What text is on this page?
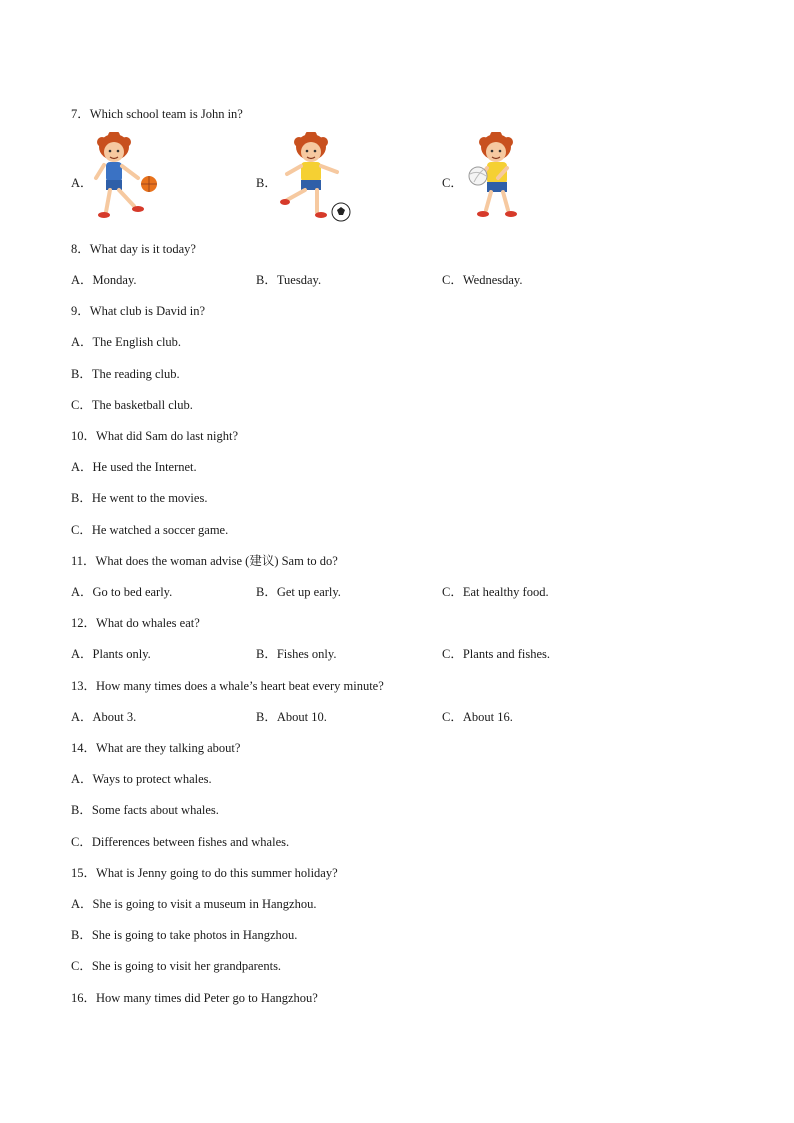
7．Which school team is John in?
A．	B．	C．
8．What day is it today?
A．Monday.	B．Tuesday.	C．Wednesday.
9．What club is David in?
A．The English club.
B．The reading club.
C．The basketball club.
10．What did Sam do last night?
A．He used the Internet.
B．He went to the movies.
C．He watched a soccer game.
11．What does the woman advise (建议) Sam to do?
A．Go to bed early.	B．Get up early.	C．Eat healthy food.
12．What do whales eat?
A．Plants only.	B．Fishes only.	C．Plants and fishes.
13．How many times does a whale’s heart beat every minute?
A．About 3.	B．About 10.	C．About 16.
14．What are they talking about?
A．Ways to protect whales.
B．Some facts about whales.
C．Differences between fishes and whales.
15．What is Jenny going to do this summer holiday?
A．She is going to visit a museum in Hangzhou.
B．She is going to take photos in Hangzhou.
C．She is going to visit her grandparents.
16．How many times did Peter go to Hangzhou?
